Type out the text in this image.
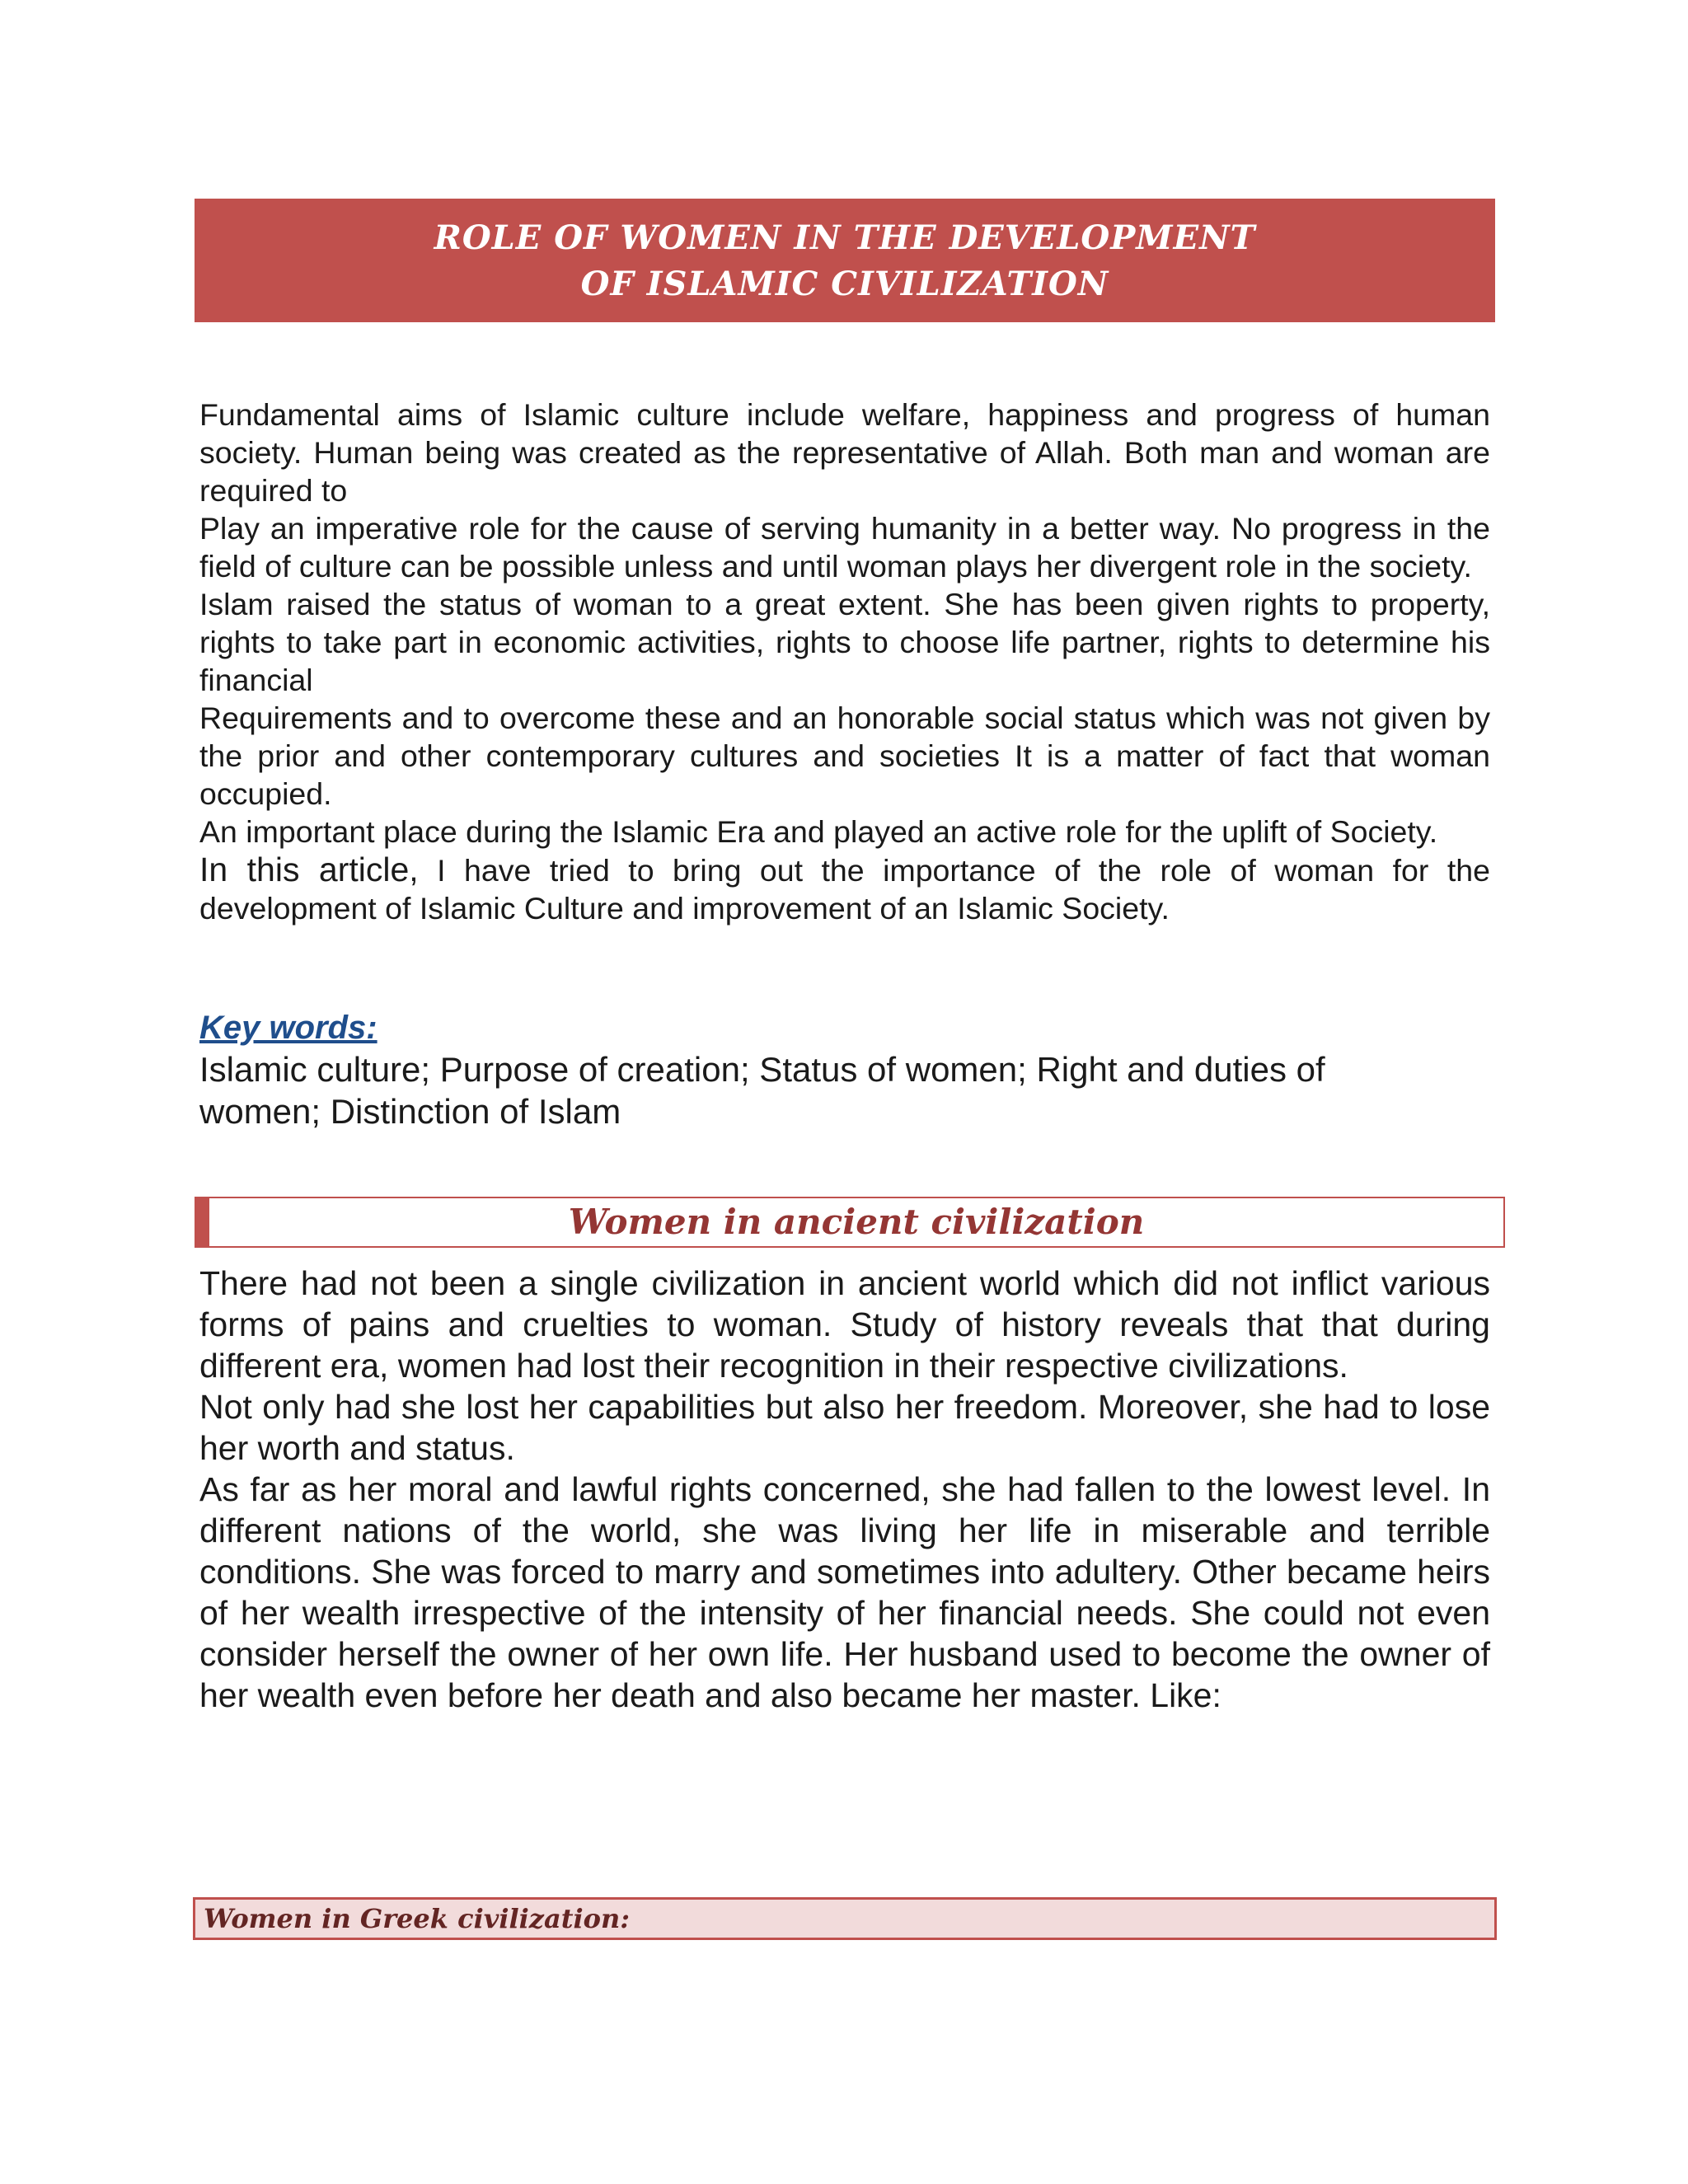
ROLE OF WOMEN IN THE DEVELOPMENT
OF ISLAMIC CIVILIZATION

Fundamental aims of Islamic culture include welfare, happiness and progress of human society. Human being was created as the representative of Allah. Both man and woman are required to

Play an imperative role for the cause of serving humanity in a better way. No progress in the field of culture can be possible unless and until woman plays her divergent role in the society.

Islam raised the status of woman to a great extent. She has been given rights to property, rights to take part in economic activities, rights to choose life partner, rights to determine his financial

Requirements and to overcome these and an honorable social status which was not given by the prior and other contemporary cultures and societies It is a matter of fact that woman occupied.

An important place during the Islamic Era and played an active role for the uplift of Society.

In this article, I have tried to bring out the importance of the role of woman for the development of Islamic Culture and improvement of an Islamic Society.

Key words:
Islamic culture; Purpose of creation; Status of women; Right and duties of women; Distinction of Islam
Women in ancient civilization

There had not been a single civilization in ancient world which did not inflict various forms of pains and cruelties to woman. Study of history reveals that that during different era, women had lost their recognition in their respective civilizations.

Not only had she lost her capabilities but also her freedom. Moreover, she had to lose her worth and status.

As far as her moral and lawful rights concerned, she had fallen to the lowest level. In different nations of the world, she was living her life in miserable and terrible conditions. She was forced to marry and sometimes into adultery. Other became heirs of her wealth irrespective of the intensity of her financial needs. She could not even consider herself the owner of her own life. Her husband used to become the owner of her wealth even before her death and also became her master. Like:

Women in Greek civilization:
